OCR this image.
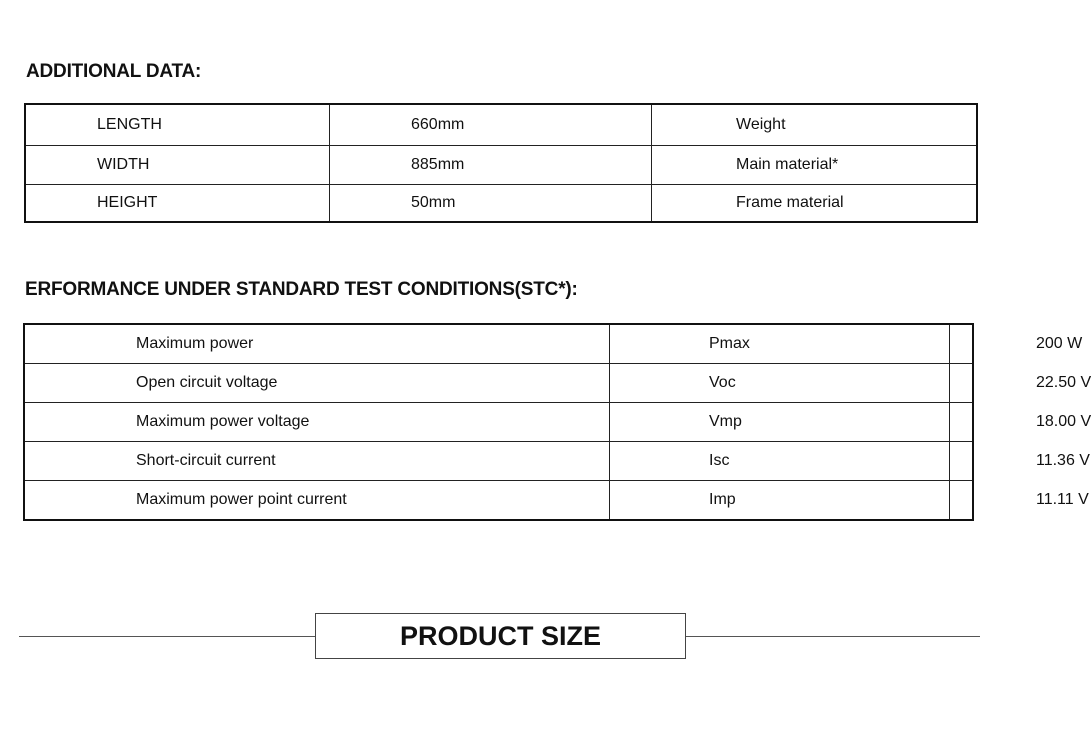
ADDITIONAL DATA:
LENGTH	660mm	Weight	
WIDTH	885mm	Main material*	
HEIGHT	50mm	Frame material	
ERFORMANCE UNDER STANDARD TEST CONDITIONS(STC*):
Maximum power	Pmax	200 W
Open circuit voltage	Voc	22.50 V
Maximum power voltage	Vmp	18.00 V
Short-circuit current	Isc	11.36 V
Maximum power point current	Imp	11.11 V
PRODUCT SIZE
